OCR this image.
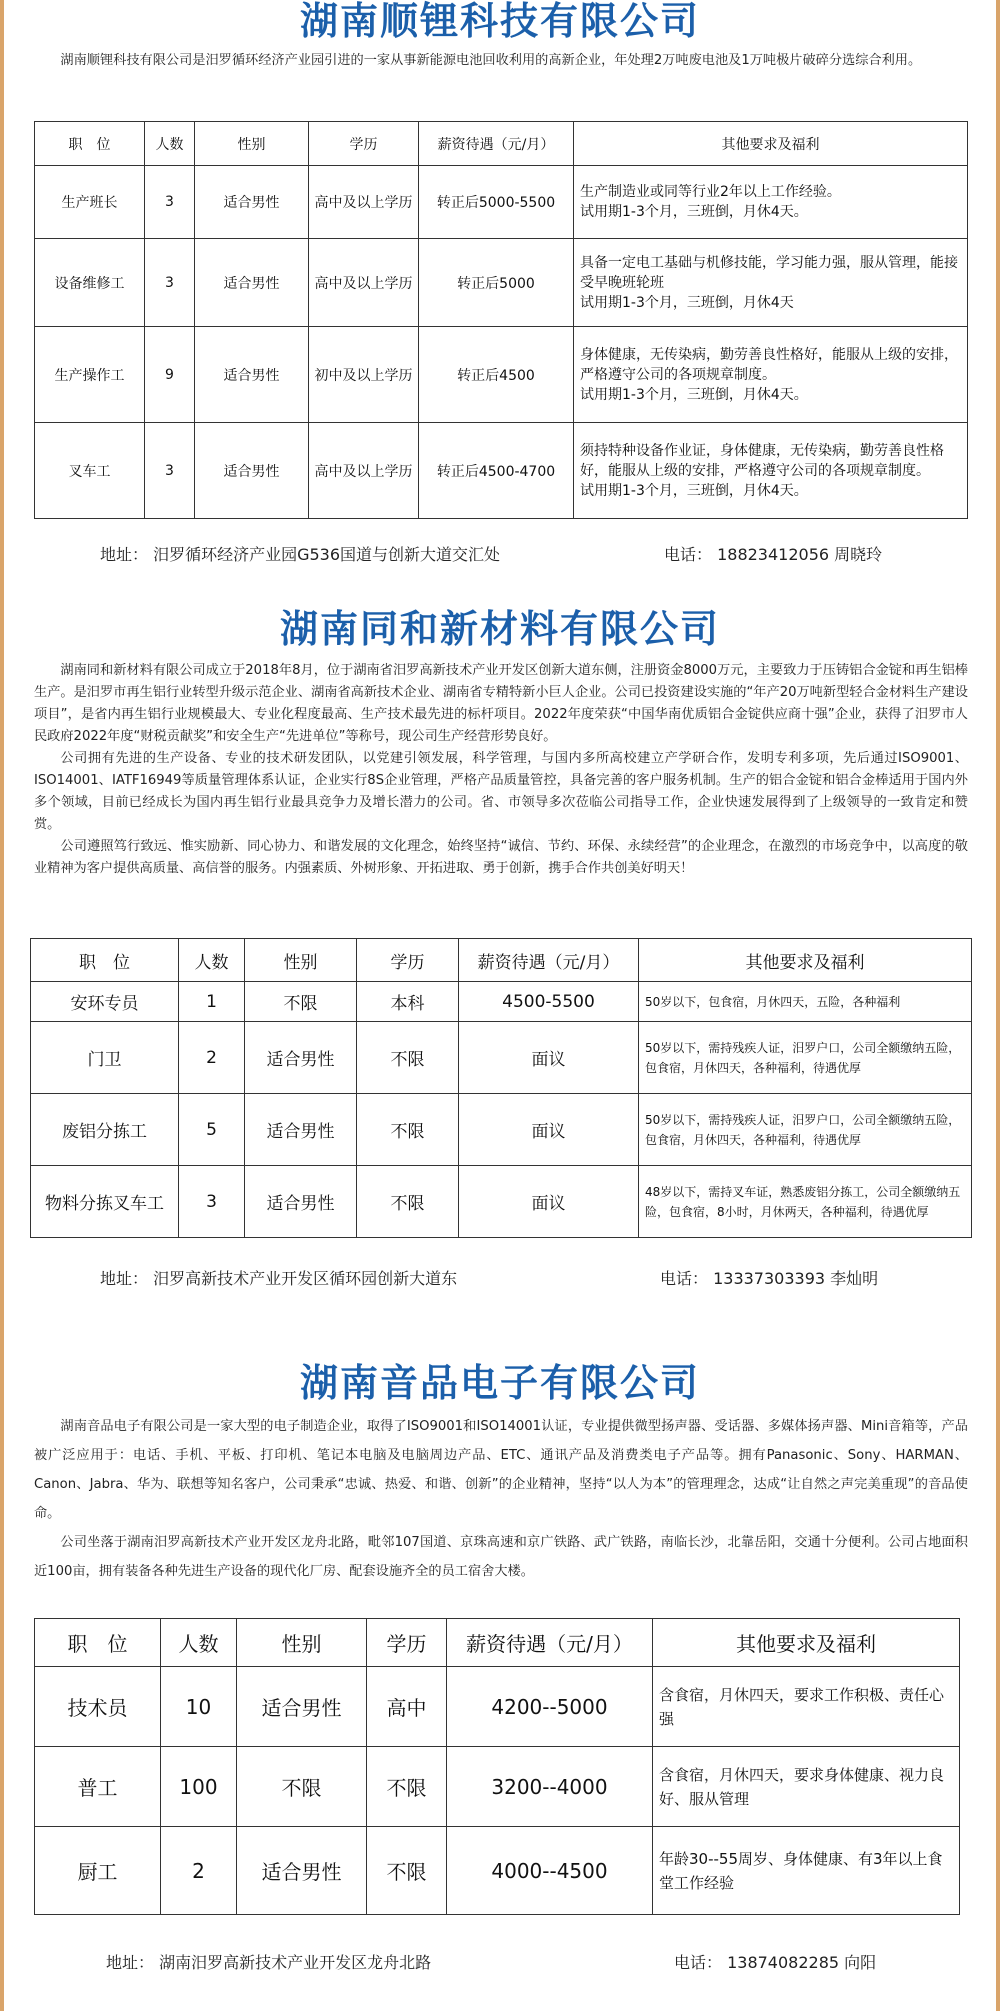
湖南顺锂科技有限公司

湖南顺锂科技有限公司是汨罗循环经济产业园引进的一家从事新能源电池回收利用的高新企业，年处理2万吨废电池及1万吨极片破碎分选综合利用。

职　位	人数	性别	学历	薪资待遇（元/月）	其他要求及福利
生产班长	3	适合男性	高中及以上学历	转正后5000-5500	生产制造业或同等行业2年以上工作经验。
试用期1-3个月，三班倒，月休4天。
设备维修工	3	适合男性	高中及以上学历	转正后5000	具备一定电工基础与机修技能，学习能力强，服从管理，能接受早晚班轮班
试用期1-3个月，三班倒，月休4天
生产操作工	9	适合男性	初中及以上学历	转正后4500	身体健康，无传染病，勤劳善良性格好，能服从上级的安排，严格遵守公司的各项规章制度。
试用期1-3个月，三班倒，月休4天。
叉车工	3	适合男性	高中及以上学历	转正后4500-4700	须持特种设备作业证，身体健康，无传染病，勤劳善良性格好，能服从上级的安排，严格遵守公司的各项规章制度。
试用期1-3个月，三班倒，月休4天。
地址： 汨罗循环经济产业园G536国道与创新大道交汇处	电话： 18823412056 周晓玲
湖南同和新材料有限公司

湖南同和新材料有限公司成立于2018年8月，位于湖南省汨罗高新技术产业开发区创新大道东侧，注册资金8000万元，主要致力于压铸铝合金锭和再生铝棒生产。是汨罗市再生铝行业转型升级示范企业、湖南省高新技术企业、湖南省专精特新小巨人企业。公司已投资建设实施的“年产20万吨新型轻合金材料生产建设项目”，是省内再生铝行业规模最大、专业化程度最高、生产技术最先进的标杆项目。2022年度荣获“中国华南优质铝合金锭供应商十强”企业，获得了汨罗市人民政府2022年度“财税贡献奖”和安全生产“先进单位”等称号，现公司生产经营形势良好。

公司拥有先进的生产设备、专业的技术研发团队，以党建引领发展，科学管理，与国内多所高校建立产学研合作，发明专利多项，先后通过ISO9001、ISO14001、IATF16949等质量管理体系认证，企业实行8S企业管理，严格产品质量管控，具备完善的客户服务机制。生产的铝合金锭和铝合金棒适用于国内外多个领域，目前已经成长为国内再生铝行业最具竞争力及增长潜力的公司。省、市领导多次莅临公司指导工作，企业快速发展得到了上级领导的一致肯定和赞赏。

公司遵照笃行致远、惟实励新、同心协力、和谐发展的文化理念，始终坚持“诚信、节约、环保、永续经营”的企业理念，在激烈的市场竞争中，以高度的敬业精神为客户提供高质量、高信誉的服务。内强素质、外树形象、开拓进取、勇于创新，携手合作共创美好明天！

职　位	人数	性别	学历	薪资待遇（元/月）	其他要求及福利
安环专员	1	不限	本科	4500-5500	50岁以下，包食宿，月休四天，五险，各种福利
门卫	2	适合男性	不限	面议	50岁以下，需持残疾人证，汨罗户口，公司全额缴纳五险，包食宿，月休四天，各种福利，待遇优厚
废铝分拣工	5	适合男性	不限	面议	50岁以下，需持残疾人证，汨罗户口，公司全额缴纳五险，包食宿，月休四天，各种福利，待遇优厚
物料分拣叉车工	3	适合男性	不限	面议	48岁以下，需持叉车证，熟悉废铝分拣工，公司全额缴纳五险，包食宿，8小时，月休两天，各种福利，待遇优厚
地址： 汨罗高新技术产业开发区循环园创新大道东	电话： 13337303393 李灿明
湖南音品电子有限公司

湖南音品电子有限公司是一家大型的电子制造企业，取得了ISO9001和ISO14001认证，专业提供微型扬声器、受话器、多媒体扬声器、Mini音箱等，产品被广泛应用于：电话、手机、平板、打印机、笔记本电脑及电脑周边产品、ETC、通讯产品及消费类电子产品等。拥有Panasonic、Sony、HARMAN、Canon、Jabra、华为、联想等知名客户，公司秉承“忠诚、热爱、和谐、创新”的企业精神，坚持“以人为本”的管理理念，达成“让自然之声完美重现”的音品使命。

公司坐落于湖南汨罗高新技术产业开发区龙舟北路，毗邻107国道、京珠高速和京广铁路、武广铁路，南临长沙，北靠岳阳，交通十分便利。公司占地面积近100亩，拥有装备各种先进生产设备的现代化厂房、配套设施齐全的员工宿舍大楼。

职　位	人数	性别	学历	薪资待遇（元/月）	其他要求及福利
技术员	10	适合男性	高中	4200--5000	含食宿，月休四天，要求工作积极、责任心强
普工	100	不限	不限	3200--4000	含食宿，月休四天，要求身体健康、视力良好、服从管理
厨工	2	适合男性	不限	4000--4500	年龄30--55周岁、身体健康、有3年以上食堂工作经验
地址： 湖南汨罗高新技术产业开发区龙舟北路	电话： 13874082285 向阳
